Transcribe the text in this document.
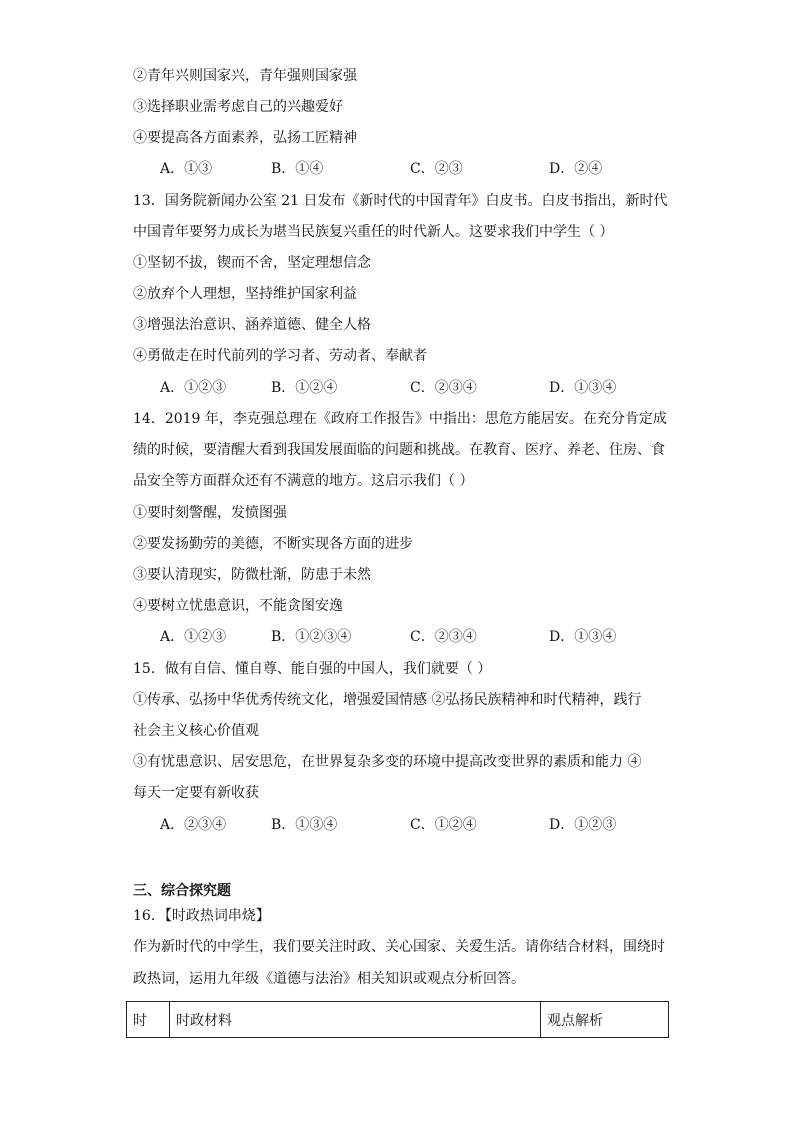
②青年兴则国家兴，青年强则国家强
③选择职业需考虑自己的兴趣爱好
④要提高各方面素养，弘扬工匠精神
A．①③	B．①④	C．②③	D．②④
13．国务院新闻办公室 21 日发布《新时代的中国青年》白皮书。白皮书指出，新时代
中国青年要努力成长为堪当民族复兴重任的时代新人。这要求我们中学生（ ）
①坚韧不拔，锲而不舍，坚定理想信念
②放弃个人理想，坚持维护国家利益
③增强法治意识、涵养道德、健全人格
④勇做走在时代前列的学习者、劳动者、奉献者
A．①②③	B．①②④	C．②③④	D．①③④
14．2019 年，李克强总理在《政府工作报告》中指出：思危方能居安。在充分肯定成
绩的时候，要清醒大看到我国发展面临的问题和挑战。在教育、医疗、养老、住房、食
品安全等方面群众还有不满意的地方。这启示我们（ ）
①要时刻警醒，发愤图强
②要发扬勤劳的美德，不断实现各方面的进步
③要认清现实，防微杜渐，防患于未然
④要树立忧患意识，不能贪图安逸
A．①②③	B．①②③④	C．②③④	D．①③④
15．做有自信、懂自尊、能自强的中国人，我们就要（ ）
①传承、弘扬中华优秀传统文化，增强爱国情感 ②弘扬民族精神和时代精神，践行
社会主义核心价值观
③有忧患意识、居安思危，在世界复杂多变的环境中提高改变世界的素质和能力 ④
每天一定要有新收获
A．②③④	B．①③④	C．①②④	D．①②③
三、综合探究题
16．【时政热词串烧】
作为新时代的中学生，我们要关注时政、关心国家、关爱生活。请你结合材料，围绕时
政热词，运用九年级《道德与法治》相关知识或观点分析回答。
时	时政材料	观点解析
